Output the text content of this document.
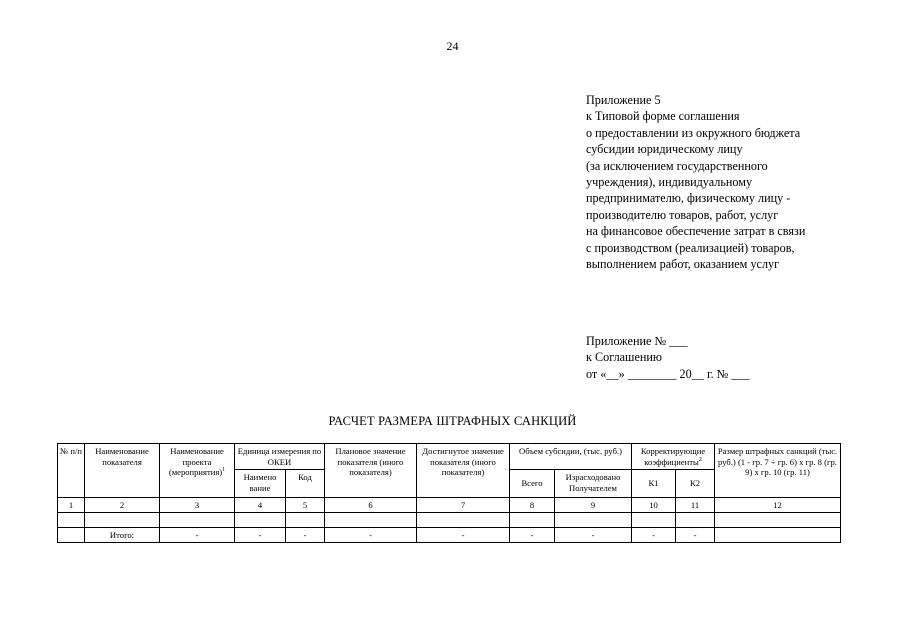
24
Приложение 5
к Типовой форме соглашения
о предоставлении из окружного бюджета
субсидии юридическому лицу
(за исключением государственного
учреждения), индивидуальному
предпринимателю, физическому лицу -
производителю товаров, работ, услуг
на финансовое обеспечение затрат в связи
с производством (реализацией) товаров,
выполнением работ, оказанием услуг
Приложение № ___
к Соглашению
от «__» ________ 20__ г. № ___
РАСЧЕТ РАЗМЕРА ШТРАФНЫХ САНКЦИЙ
№ п/п	Наименование показателя	Наименование проекта (мероприятия)$^1$	Единица измерения по ОКЕИ		Плановое значение показателя (иного показателя)	Достигнутое значение показателя (иного показателя)	Объем субсидии, (тыс. руб.)		Корректирующие коэффициенты$^2$		Размер штрафных санкций (тыс. руб.) (1 - гр. 7 ÷ гр. 6) x гр. 8 (гр. 9) x гр. 10 (гр. 11)
			Наимено вание	Код			Всего	Израсходовано Получателем	К1	К2	
1	2	3	4	5	6	7	8	9	10	11	12

	Итого:	-	-	-	-	-	-	-	-	-	
